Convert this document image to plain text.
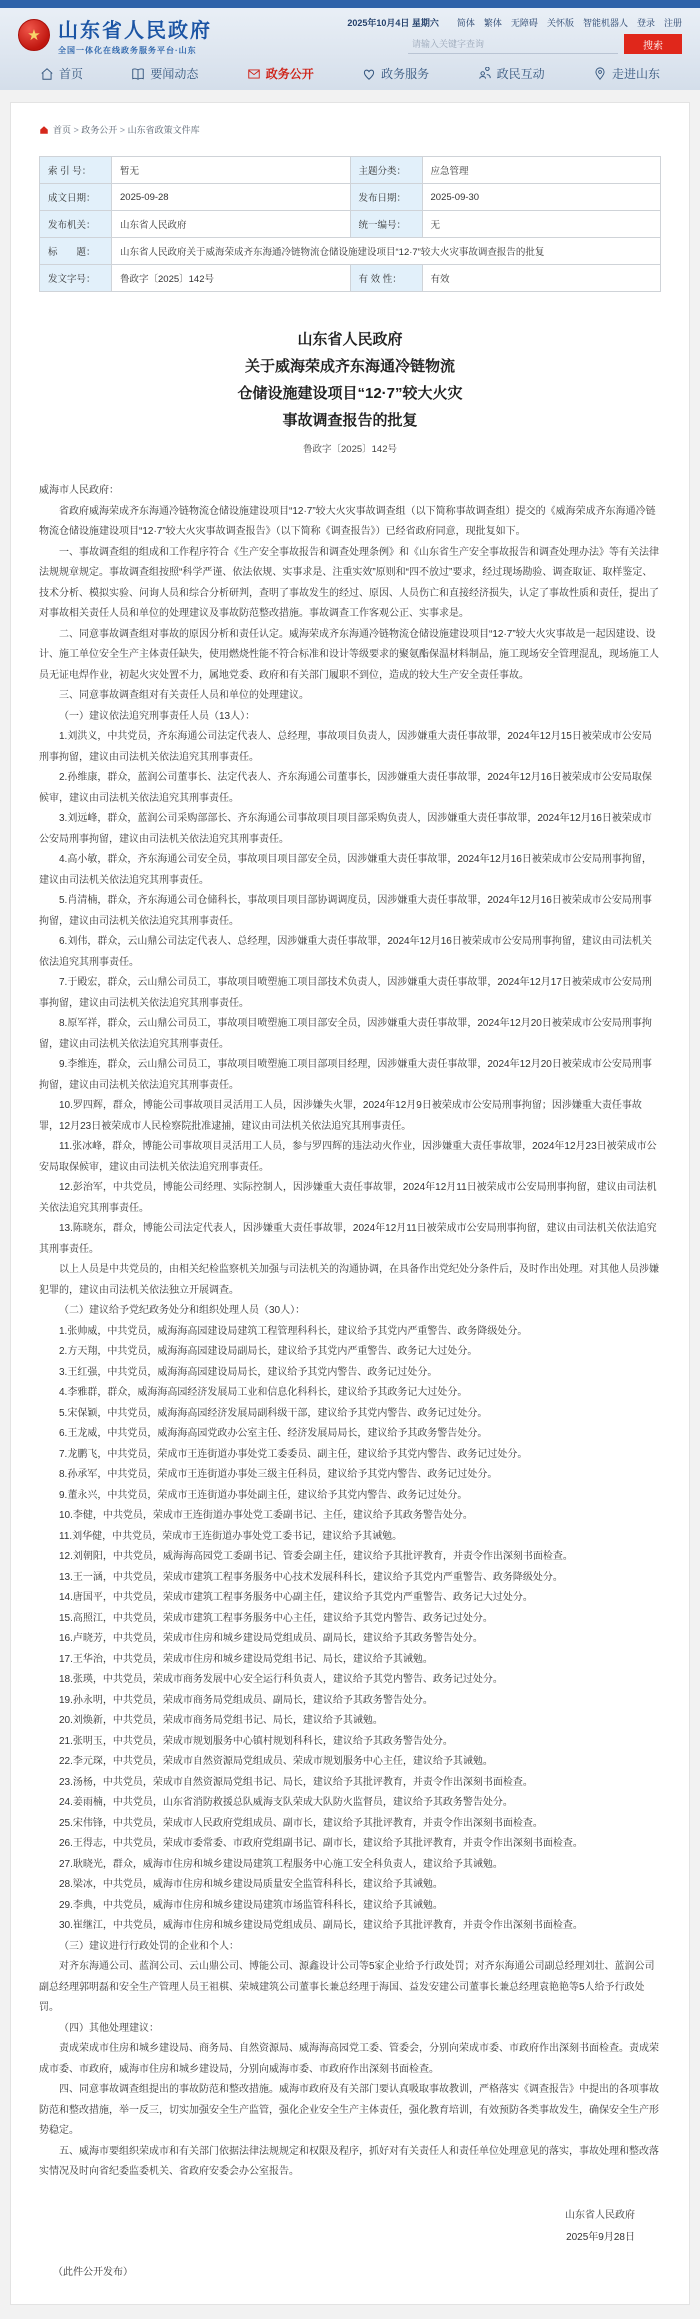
★ 山东省人民政府
全国一体化在线政务服务平台·山东
2025年10月4日 星期六	简体 繁体 无障碍 关怀版 智能机器人 登录 注册
请输入关键字查询
搜索
首页	要闻动态	政务公开	政务服务	政民互动	走进山东
首页 > 政务公开 > 山东省政策文件库
索 引 号：	暂无	主题分类：	应急管理
成文日期：	2025-09-28	发布日期：	2025-09-30
发布机关：	山东省人民政府	统一编号：	无
标　　题：	山东省人民政府关于威海荣成齐东海通冷链物流仓储设施建设项目“12·7”较大火灾事故调查报告的批复		
发文字号：	鲁政字〔2025〕142号	有 效 性：	有效
山东省人民政府
关于威海荣成齐东海通冷链物流
仓储设施建设项目“12·7”较大火灾
事故调查报告的批复
鲁政字〔2025〕142号

威海市人民政府：

省政府威海荣成齐东海通冷链物流仓储设施建设项目“12·7”较大火灾事故调查组（以下简称事故调查组）提交的《威海荣成齐东海通冷链物流仓储设施建设项目“12·7”较大火灾事故调查报告》（以下简称《调查报告》）已经省政府同意，现批复如下。

一、事故调查组的组成和工作程序符合《生产安全事故报告和调查处理条例》和《山东省生产安全事故报告和调查处理办法》等有关法律法规规章规定。事故调查组按照“科学严谨、依法依规、实事求是、注重实效”原则和“四不放过”要求，经过现场勘验、调查取证、取样鉴定、技术分析、模拟实验、问询人员和综合分析研判，查明了事故发生的经过、原因、人员伤亡和直接经济损失，认定了事故性质和责任，提出了对事故相关责任人员和单位的处理建议及事故防范整改措施。事故调查工作客观公正、实事求是。

二、同意事故调查组对事故的原因分析和责任认定。威海荣成齐东海通冷链物流仓储设施建设项目“12·7”较大火灾事故是一起因建设、设计、施工单位安全生产主体责任缺失，使用燃烧性能不符合标准和设计等级要求的聚氨酯保温材料制品，施工现场安全管理混乱，现场施工人员无证电焊作业，初起火灾处置不力，属地党委、政府和有关部门履职不到位，造成的较大生产安全责任事故。

三、同意事故调查组对有关责任人员和单位的处理建议。

（一）建议依法追究刑事责任人员（13人）：

1.刘洪义，中共党员，齐东海通公司法定代表人、总经理，事故项目负责人，因涉嫌重大责任事故罪，2024年12月15日被荣成市公安局刑事拘留，建议由司法机关依法追究其刑事责任。

2.孙维康，群众，蓝润公司董事长、法定代表人、齐东海通公司董事长，因涉嫌重大责任事故罪，2024年12月16日被荣成市公安局取保候审，建议由司法机关依法追究其刑事责任。

3.刘远峰，群众，蓝润公司采购部部长、齐东海通公司事故项目项目部采购负责人，因涉嫌重大责任事故罪，2024年12月16日被荣成市公安局刑事拘留，建议由司法机关依法追究其刑事责任。

4.高小敏，群众，齐东海通公司安全员，事故项目项目部安全员，因涉嫌重大责任事故罪，2024年12月16日被荣成市公安局刑事拘留，建议由司法机关依法追究其刑事责任。

5.肖清楠，群众，齐东海通公司仓储科长，事故项目项目部协调调度员，因涉嫌重大责任事故罪，2024年12月16日被荣成市公安局刑事拘留，建议由司法机关依法追究其刑事责任。

6.刘伟，群众，云山鼎公司法定代表人、总经理，因涉嫌重大责任事故罪，2024年12月16日被荣成市公安局刑事拘留，建议由司法机关依法追究其刑事责任。

7.于殿宏，群众，云山鼎公司员工，事故项目喷塑施工项目部技术负责人，因涉嫌重大责任事故罪，2024年12月17日被荣成市公安局刑事拘留，建议由司法机关依法追究其刑事责任。

8.原军祥，群众，云山鼎公司员工，事故项目喷塑施工项目部安全员，因涉嫌重大责任事故罪，2024年12月20日被荣成市公安局刑事拘留，建议由司法机关依法追究其刑事责任。

9.李维连，群众，云山鼎公司员工，事故项目喷塑施工项目部项目经理，因涉嫌重大责任事故罪，2024年12月20日被荣成市公安局刑事拘留，建议由司法机关依法追究其刑事责任。

10.罗四辉，群众，博能公司事故项目灵活用工人员，因涉嫌失火罪，2024年12月9日被荣成市公安局刑事拘留；因涉嫌重大责任事故罪，12月23日被荣成市人民检察院批准逮捕，建议由司法机关依法追究其刑事责任。

11.张冰峰，群众，博能公司事故项目灵活用工人员，参与罗四辉的违法动火作业，因涉嫌重大责任事故罪，2024年12月23日被荣成市公安局取保候审，建议由司法机关依法追究刑事责任。

12.彭治军，中共党员，博能公司经理、实际控制人，因涉嫌重大责任事故罪，2024年12月11日被荣成市公安局刑事拘留，建议由司法机关依法追究其刑事责任。

13.陈晓东，群众，博能公司法定代表人，因涉嫌重大责任事故罪，2024年12月11日被荣成市公安局刑事拘留，建议由司法机关依法追究其刑事责任。

以上人员是中共党员的，由相关纪检监察机关加强与司法机关的沟通协调，在具备作出党纪处分条件后，及时作出处理。对其他人员涉嫌犯罪的，建议由司法机关依法独立开展调查。

（二）建议给予党纪政务处分和组织处理人员（30人）：

1.张帅威，中共党员，威海海高园建设局建筑工程管理科科长，建议给予其党内严重警告、政务降级处分。

2.方天翔，中共党员，威海海高园建设局副局长，建议给予其党内严重警告、政务记大过处分。

3.王红强，中共党员，威海海高园建设局局长，建议给予其党内警告、政务记过处分。

4.李雅群，群众，威海海高园经济发展局工业和信息化科科长，建议给予其政务记大过处分。

5.宋保颖，中共党员，威海海高园经济发展局副科级干部，建议给予其党内警告、政务记过处分。

6.王龙威，中共党员，威海海高园党政办公室主任、经济发展局局长，建议给予其政务警告处分。

7.龙鹏飞，中共党员，荣成市王连街道办事处党工委委员、副主任，建议给予其党内警告、政务记过处分。

8.孙承军，中共党员，荣成市王连街道办事处三级主任科员，建议给予其党内警告、政务记过处分。

9.董永兴，中共党员，荣成市王连街道办事处副主任，建议给予其党内警告、政务记过处分。

10.李健，中共党员，荣成市王连街道办事处党工委副书记、主任，建议给予其政务警告处分。

11.刘华健，中共党员，荣成市王连街道办事处党工委书记，建议给予其诫勉。

12.刘朝阳，中共党员，威海海高园党工委副书记、管委会副主任，建议给予其批评教育，并责令作出深刻书面检查。

13.王一涵，中共党员，荣成市建筑工程事务服务中心技术发展科科长，建议给予其党内严重警告、政务降级处分。

14.唐国平，中共党员，荣成市建筑工程事务服务中心副主任，建议给予其党内严重警告、政务记大过处分。

15.高照江，中共党员，荣成市建筑工程事务服务中心主任，建议给予其党内警告、政务记过处分。

16.卢晓芳，中共党员，荣成市住房和城乡建设局党组成员、副局长，建议给予其政务警告处分。

17.王华治，中共党员，荣成市住房和城乡建设局党组书记、局长，建议给予其诫勉。

18.张瑛，中共党员，荣成市商务发展中心安全运行科负责人，建议给予其党内警告、政务记过处分。

19.孙永明，中共党员，荣成市商务局党组成员、副局长，建议给予其政务警告处分。

20.刘焕新，中共党员，荣成市商务局党组书记、局长，建议给予其诫勉。

21.张明玉，中共党员，荣成市规划服务中心镇村规划科科长，建议给予其政务警告处分。

22.李元琛，中共党员，荣成市自然资源局党组成员、荣成市规划服务中心主任，建议给予其诫勉。

23.汤杨，中共党员，荣成市自然资源局党组书记、局长，建议给予其批评教育，并责令作出深刻书面检查。

24.姜雨楠，中共党员，山东省消防救援总队威海支队荣成大队防火监督员，建议给予其政务警告处分。

25.宋伟锋，中共党员，荣成市人民政府党组成员、副市长，建议给予其批评教育，并责令作出深刻书面检查。

26.王得志，中共党员，荣成市委常委、市政府党组副书记、副市长，建议给予其批评教育，并责令作出深刻书面检查。

27.耿晓光，群众，威海市住房和城乡建设局建筑工程服务中心施工安全科负责人，建议给予其诫勉。

28.梁冰，中共党员，威海市住房和城乡建设局质量安全监管科科长，建议给予其诫勉。

29.李典，中共党员，威海市住房和城乡建设局建筑市场监管科科长，建议给予其诫勉。

30.崔继江，中共党员，威海市住房和城乡建设局党组成员、副局长，建议给予其批评教育，并责令作出深刻书面检查。

（三）建议进行行政处罚的企业和个人：

对齐东海通公司、蓝润公司、云山鼎公司、博能公司、源鑫设计公司等5家企业给予行政处罚；对齐东海通公司副总经理刘壮、蓝润公司副总经理郭明磊和安全生产管理人员王祖棋、荣城建筑公司董事长兼总经理于海国、益发安建公司董事长兼总经理袁艳艳等5人给予行政处罚。

（四）其他处理建议：

责成荣成市住房和城乡建设局、商务局、自然资源局、威海海高园党工委、管委会，分别向荣成市委、市政府作出深刻书面检查。责成荣成市委、市政府，威海市住房和城乡建设局，分别向威海市委、市政府作出深刻书面检查。

四、同意事故调查组提出的事故防范和整改措施。威海市政府及有关部门要认真吸取事故教训，严格落实《调查报告》中提出的各项事故防范和整改措施，举一反三，切实加强安全生产监管，强化企业安全生产主体责任，强化教育培训，有效预防各类事故发生，确保安全生产形势稳定。

五、威海市要组织荣成市和有关部门依据法律法规规定和权限及程序，抓好对有关责任人和责任单位处理意见的落实，事故处理和整改落实情况及时向省纪委监委机关、省政府安委会办公室报告。

山东省人民政府
2025年9月28日
（此件公开发布）
